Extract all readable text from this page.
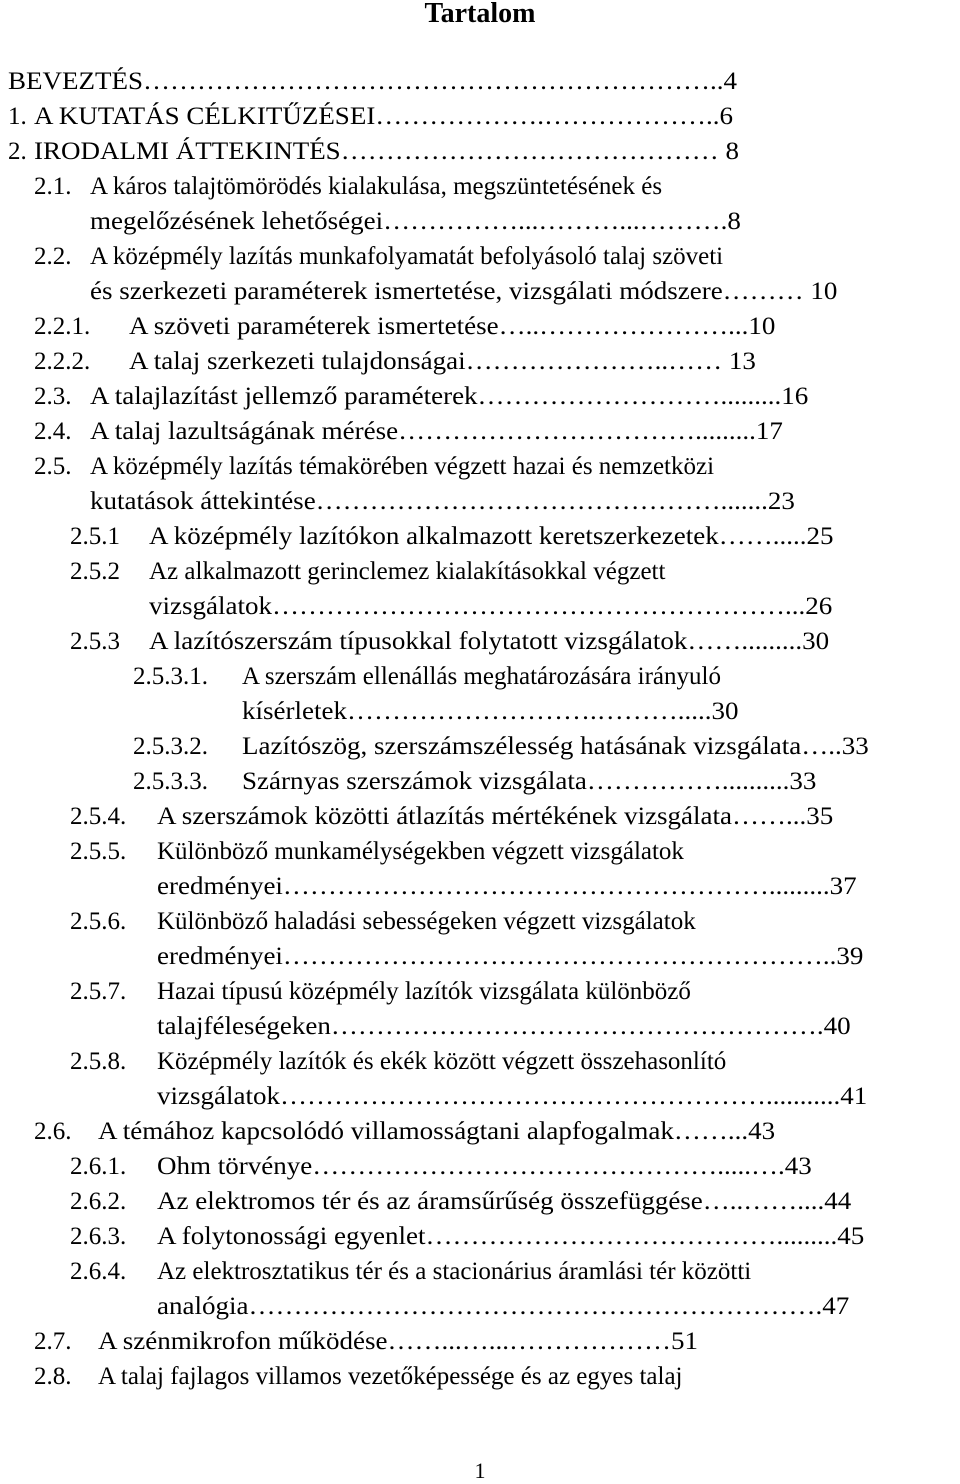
Tartalom
BEVEZTÉS………………………………………………………..4
1. A KUTATÁS CÉLKITŰZÉSEI……………….………………..6
2. IRODALMI ÁTTEKINTÉS…………………………………… 8
2.1. A káros talajtömörödés kialakulása, megszüntetésének és
megelőzésének lehetőségei……………...………...……….8
2.2. A középmély lazítás munkafolyamatát befolyásoló talaj szöveti
és szerkezeti paraméterek ismertetése, vizsgálati módszere……… 10
2.2.1. A szöveti paraméterek ismertetése…..…………………...10
2.2.2. A talaj szerkezeti tulajdonságai…………………..…… 13
2.3. A talajlazítást jellemző paraméterek……………………….........16
2.4. A talaj lazultságának mérése…………………………….........17
2.5. A középmély lazítás témakörében végzett hazai és nemzetközi
kutatások áttekintése……………………………………….......23
2.5.1 A középmély lazítókon alkalmazott keretszerkezetek…….....25
2.5.2 Az alkalmazott gerinclemez kialakításokkal végzett
vizsgálatok…………………………………………………...26
2.5.3 A lazítószerszám típusokkal folytatott vizsgálatok…….........30
2.5.3.1. A szerszám ellenállás meghatározására irányuló
kísérletek……………………….……….....30
2.5.3.2. Lazítószög, szerszámszélesség hatásának vizsgálata…..33
2.5.3.3. Szárnyas szerszámok vizsgálata……………..........33
2.5.4. A szerszámok közötti átlazítás mértékének vizsgálata……...35
2.5.5. Különböző munkamélységekben végzett vizsgálatok
eredményei……………………………………………….........37
2.5.6. Különböző haladási sebességeken végzett vizsgálatok
eredményei……………………………………………………..39
2.5.7. Hazai típusú középmély lazítók vizsgálata különböző
talajféleségeken……………………………………………….40
2.5.8. Középmély lazítók és ekék között végzett összehasonlító
vizsgálatok………………………………………………...........41
2.6. A témához kapcsolódó villamosságtani alapfogalmak……...43
2.6.1. Ohm törvénye……………………………………….....….43
2.6.2. Az elektromos tér és az áramsűrűség összefüggése…..……....44
2.6.3. A folytonossági egyenlet………………………………….........45
2.6.4. Az elektrosztatikus tér és a stacionárius áramlási tér közötti
analógia……………………………………………………….47
2.7. A szénmikrofon működése……...…...………………51
2.8. A talaj fajlagos villamos vezetőképessége és az egyes talaj
1
